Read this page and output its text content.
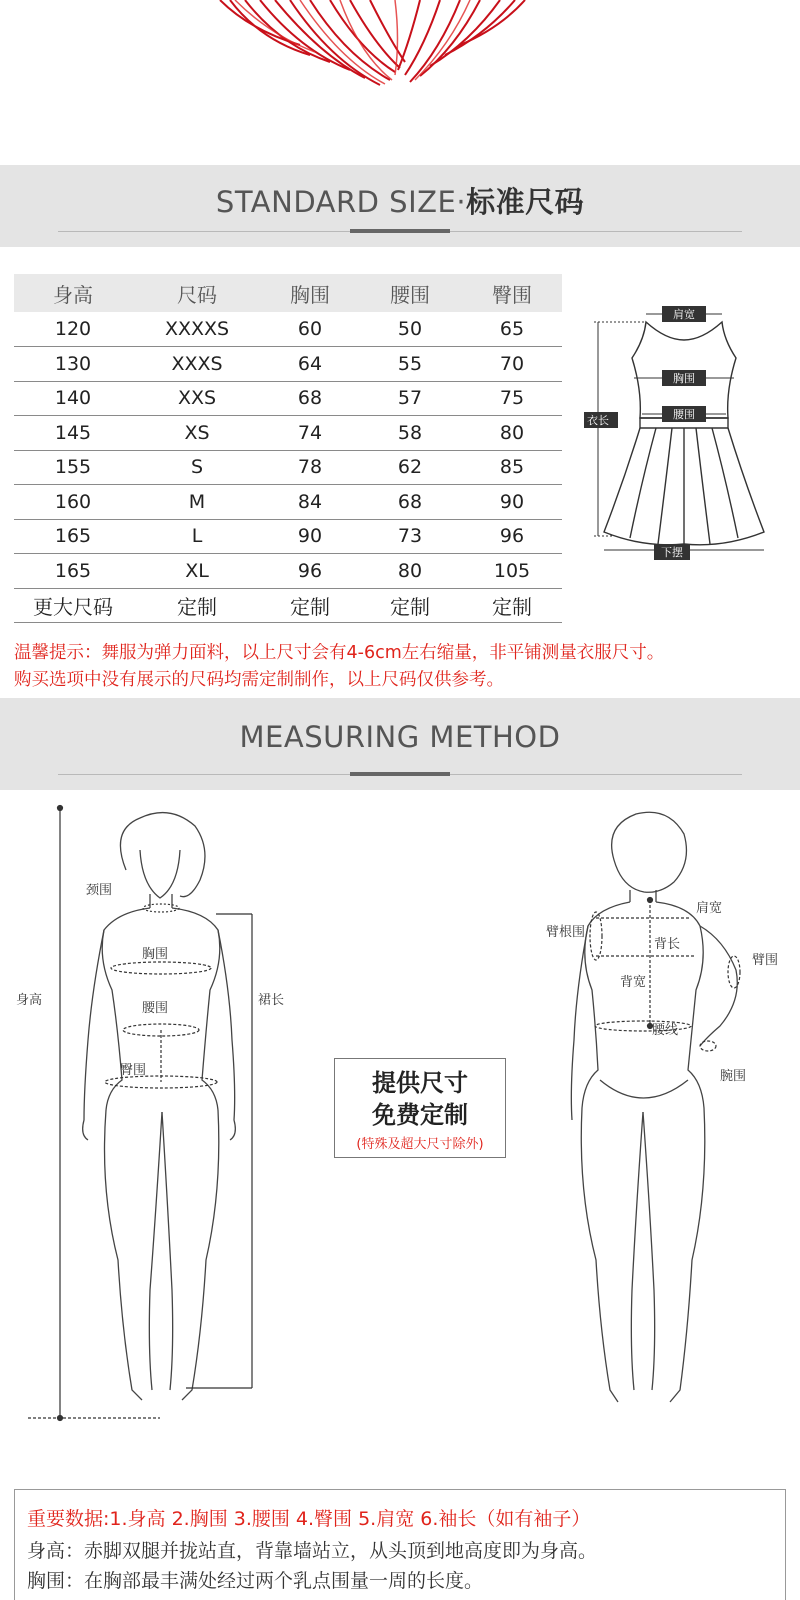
STANDARD SIZE·标准尺码
身高	尺码	胸围	腰围	臀围
120	XXXXS	60	50	65
130	XXXS	64	55	70
140	XXS	68	57	75
145	XS	74	58	80
155	S	78	62	85
160	M	84	68	90
165	L	90	73	96
165	XL	96	80	105
更大尺码	定制	定制	定制	定制
肩宽
胸围
腰围
衣长
下摆
温馨提示：舞服为弹力面料，以上尺寸会有4-6cm左右缩量，非平铺测量衣服尺寸。
购买选项中没有展示的尺码均需定制制作，以上尺码仅供参考。
MEASURING METHOD
身高
颈围
胸围
腰围
臀围
裙长
臂根围
肩宽
背长
臂围
背宽
腰线
腕围
提供尺寸
免费定制
(特殊及超大尺寸除外)
重要数据:1.身高 2.胸围 3.腰围 4.臀围 5.肩宽 6.袖长（如有袖子）
身高：赤脚双腿并拢站直，背靠墙站立，从头顶到地高度即为身高。
胸围：在胸部最丰满处经过两个乳点围量一周的长度。
